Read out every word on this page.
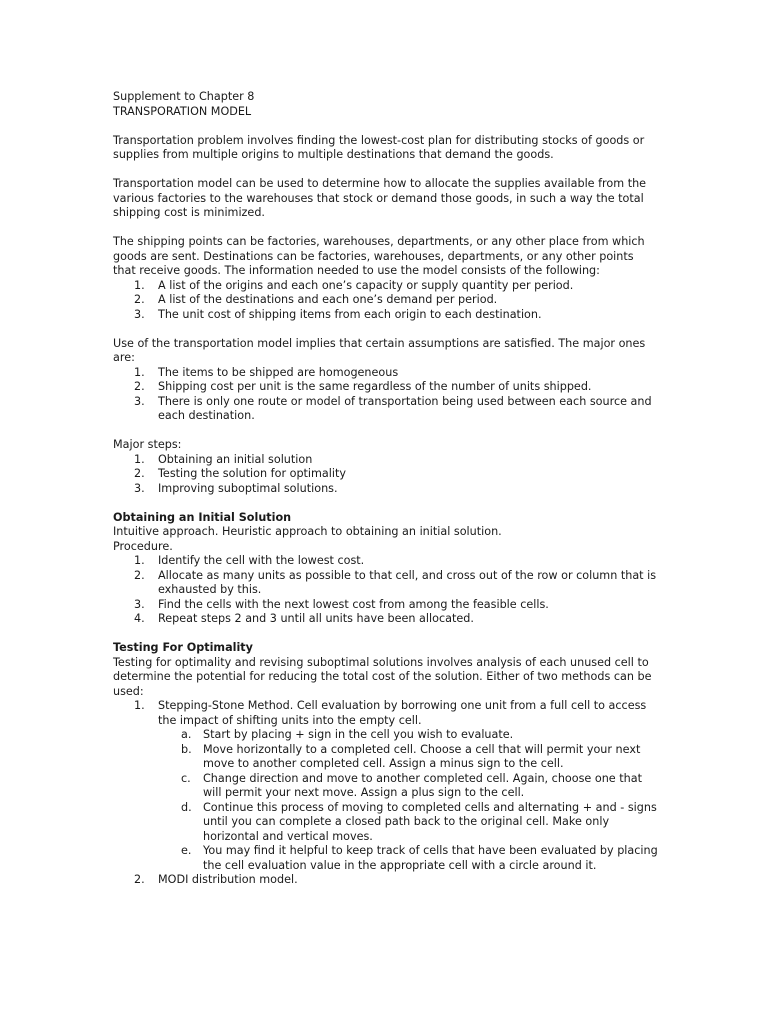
Supplement to Chapter 8

TRANSPORATION MODEL

Transportation problem involves finding the lowest-cost plan for distributing stocks of goods or supplies from multiple origins to multiple destinations that demand the goods.

Transportation model can be used to determine how to allocate the supplies available from the various factories to the warehouses that stock or demand those goods, in such a way the total shipping cost is minimized.

The shipping points can be factories, warehouses, departments, or any other place from which goods are sent. Destinations can be factories, warehouses, departments, or any other points that receive goods. The information needed to use the model consists of the following:

1. A list of the origins and each one’s capacity or supply quantity per period.
2. A list of the destinations and each one’s demand per period.
3. The unit cost of shipping items from each origin to each destination.

Use of the transportation model implies that certain assumptions are satisfied. The major ones are:

1. The items to be shipped are homogeneous
2. Shipping cost per unit is the same regardless of the number of units shipped.
3. There is only one route or model of transportation being used between each source and each destination.

Major steps:

1. Obtaining an initial solution
2. Testing the solution for optimality
3. Improving suboptimal solutions.

Obtaining an Initial Solution

Intuitive approach. Heuristic approach to obtaining an initial solution.

Procedure.

1. Identify the cell with the lowest cost.
2. Allocate as many units as possible to that cell, and cross out of the row or column that is exhausted by this.
3. Find the cells with the next lowest cost from among the feasible cells.
4. Repeat steps 2 and 3 until all units have been allocated.

Testing For Optimality

Testing for optimality and revising suboptimal solutions involves analysis of each unused cell to determine the potential for reducing the total cost of the solution. Either of two methods can be used:

1. Stepping-Stone Method. Cell evaluation by borrowing one unit from a full cell to access the impact of shifting units into the empty cell.
a. Start by placing + sign in the cell you wish to evaluate.
b. Move horizontally to a completed cell. Choose a cell that will permit your next move to another completed cell. Assign a minus sign to the cell.
c. Change direction and move to another completed cell. Again, choose one that will permit your next move. Assign a plus sign to the cell.
d. Continue this process of moving to completed cells and alternating + and - signs until you can complete a closed path back to the original cell. Make only horizontal and vertical moves.
e. You may find it helpful to keep track of cells that have been evaluated by placing the cell evaluation value in the appropriate cell with a circle around it.
2. MODI distribution model.
